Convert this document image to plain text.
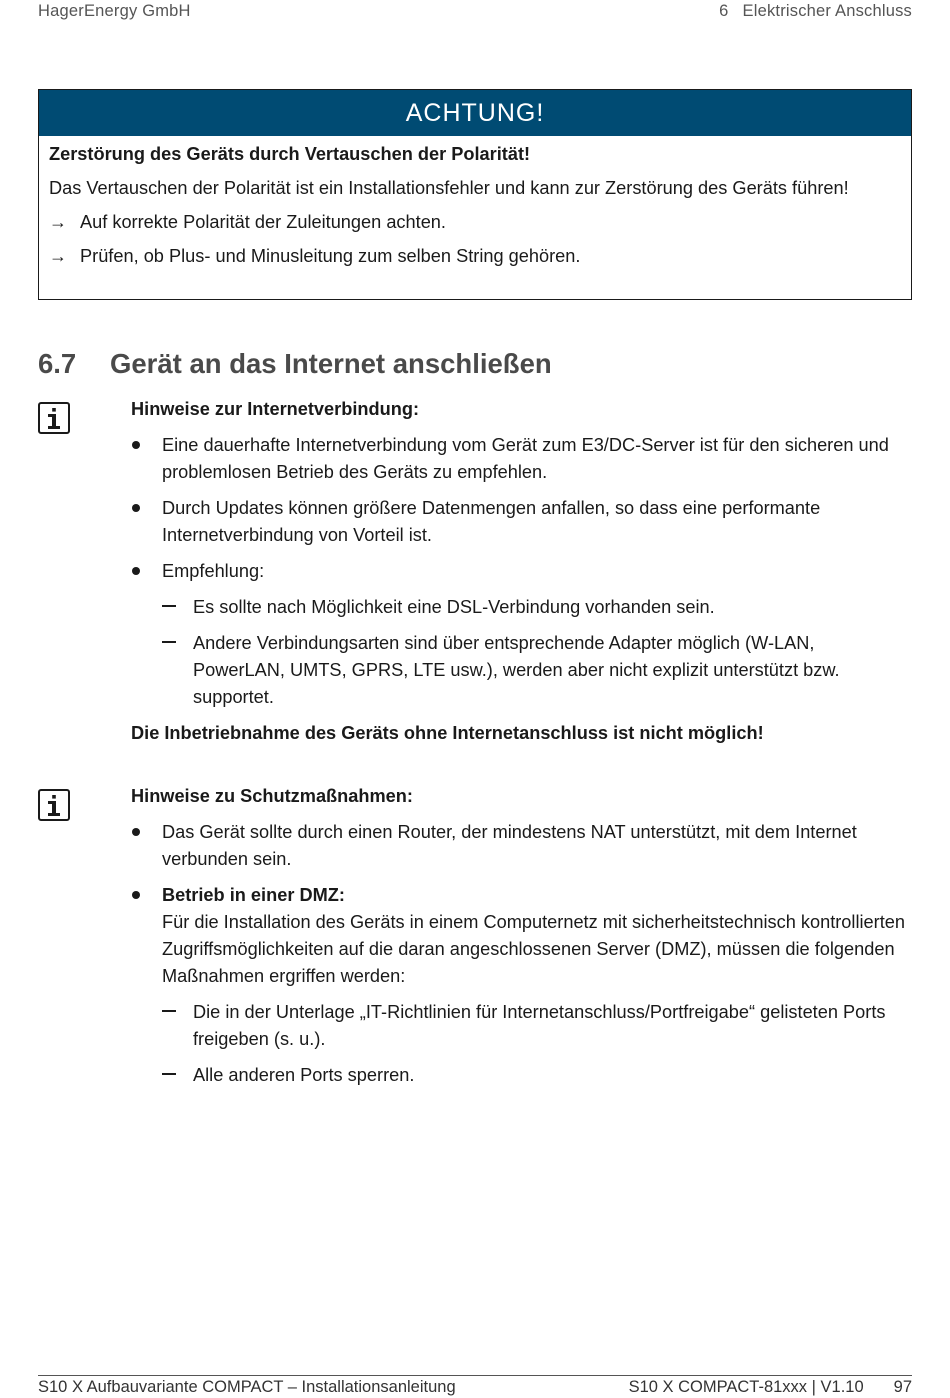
HagerEnergy GmbH	6 Elektrischer Anschluss
ACHTUNG!
Zerstörung des Geräts durch Vertauschen der Polarität!
Das Vertauschen der Polarität ist ein Installationsfehler und kann zur Zerstörung des Geräts führen!
→ Auf korrekte Polarität der Zuleitungen achten.
→ Prüfen, ob Plus- und Minusleitung zum selben String gehören.
6.7 Gerät an das Internet anschließen
Hinweise zur Internetverbindung:
Eine dauerhafte Internetverbindung vom Gerät zum E3/DC-Server ist für den sicheren und problemlosen Betrieb des Geräts zu empfehlen.
Durch Updates können größere Datenmengen anfallen, so dass eine performante Internetverbindung von Vorteil ist.
Empfehlung:
Es sollte nach Möglichkeit eine DSL-Verbindung vorhanden sein.
Andere Verbindungsarten sind über entsprechende Adapter möglich (W-LAN, PowerLAN, UMTS, GPRS, LTE usw.), werden aber nicht explizit unterstützt bzw. supportet.
Die Inbetriebnahme des Geräts ohne Internetanschluss ist nicht möglich!
Hinweise zu Schutzmaßnahmen:
Das Gerät sollte durch einen Router, der mindestens NAT unterstützt, mit dem Internet verbunden sein.
Betrieb in einer DMZ:
Für die Installation des Geräts in einem Computernetz mit sicherheitstechnisch kontrollierten Zugriffsmöglichkeiten auf die daran angeschlossenen Server (DMZ), müssen die folgenden Maßnahmen ergriffen werden:
Die in der Unterlage „IT-Richtlinien für Internetanschluss/Portfreigabe“ gelisteten Ports freigeben (s. u.).
Alle anderen Ports sperren.
S10 X Aufbauvariante COMPACT – Installationsanleitung	S10 X COMPACT-81xxx | V1.10 97
